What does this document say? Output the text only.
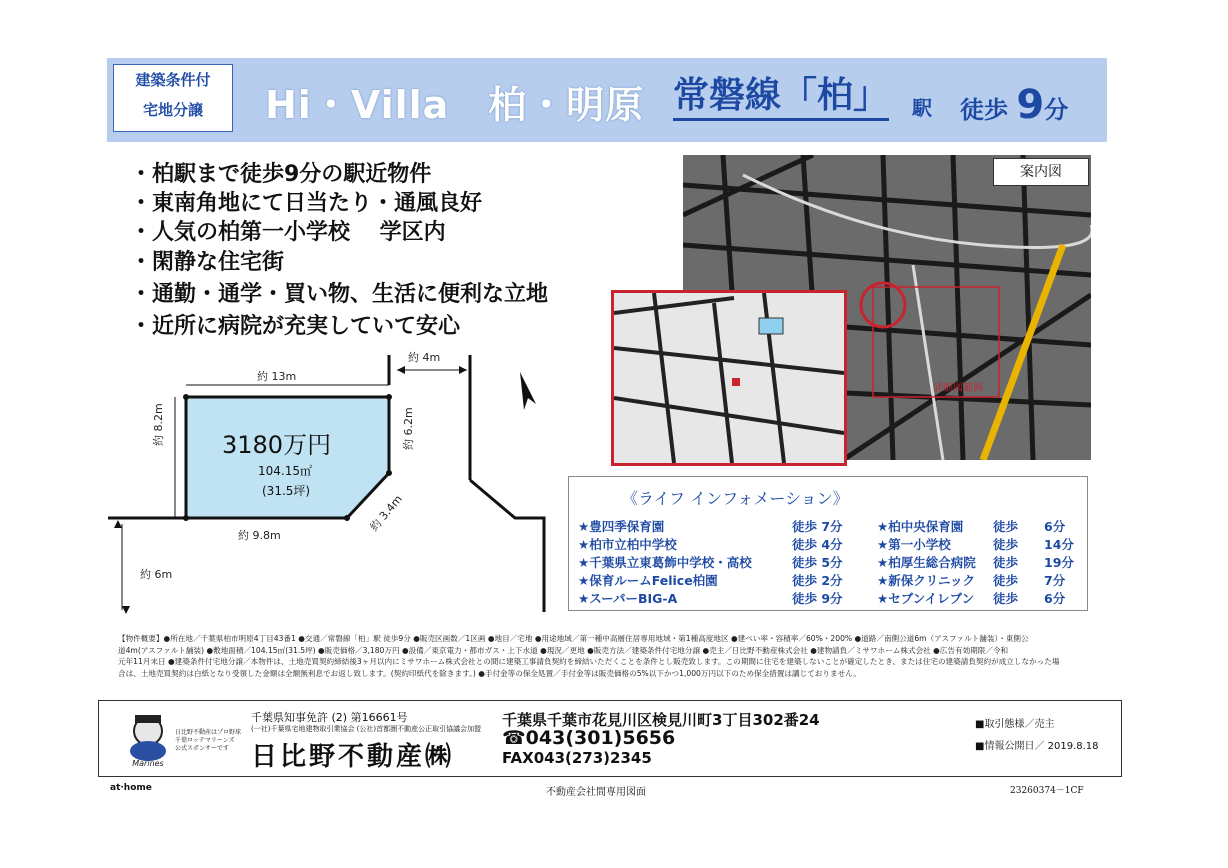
建築条件付
宅地分譲	Hi・Villa　柏・明原 常磐線「柏」 駅 徒歩 9分
・柏駅まで徒歩9分の駅近物件
・東南角地にて日当たり・通風良好
・人気の柏第一小学校　 学区内
・閑静な住宅街
・通勤・通学・買い物、生活に便利な立地
・近所に病院が充実していて安心
約 13m
約 4m
約 8.2m	約 6.2m
約 3.4m
約 9.8m
約 6m
3180万円
104.15㎡
(31.5坪)
詳細図範囲
案内図
《ライフ インフォメーション》
★豊四季保育園	徒歩 7分
★柏市立柏中学校	徒歩 4分
★千葉県立東葛飾中学校・高校	徒歩 5分
★保育ルームFelice柏園	徒歩 2分
★スーパーBIG-A	徒歩 9分
★柏中央保育園 徒歩 6分
★第一小学校	徒歩 14分
★柏厚生総合病院 徒歩 19分
★新保クリニック 徒歩 7分
★セブンイレブン 徒歩 6分
【物件概要】●所在地／千葉県柏市明原4丁目43番1 ●交通／常磐線「柏」駅 徒歩9分 ●販売区画数／1区画 ●地目／宅地 ●用途地域／第一種中高層住居専用地域・第1種高度地区 ●建ぺい率・容積率／60%・200% ●道路／南側公道6m（アスファルト舗装）・東側公
道4m(アスファルト舗装) ●敷地面積／104.15㎡(31.5坪) ●販売価格／3,180万円 ●設備／東京電力・都市ガス・上下水道 ●現況／更地 ●販売方法／建築条件付宅地分譲 ●売主／日比野不動産株式会社 ●建物請負／ミサワホーム株式会社 ●広告有効期限／令和
元年11月末日 ●建築条件付宅地分譲／本物件は、土地売買契約締結後3ヶ月以内にミサワホーム株式会社との間に建築工事請負契約を締結いただくことを条件とし販売致します。この期間に住宅を建築しないことが確定したとき、または住宅の建築請負契約が成立しなかった場
合は、土地売買契約は白紙となり受領した金額は全額無利息でお返し致します。(契約印紙代を除きます。) ●手付金等の保全処置／手付金等は販売価格の5%以下かつ1,000万円以下のため保全措置は講じておりません。
Marines
日比野不動産はプロ野球
千葉ロッテマリーンズ
公式スポンサーです
千葉県知事免許 (2) 第16661号
(一社)千葉県宅地建物取引業協会 (公社)首都圏不動産公正取引協議会加盟
日比野不動産㈱
千葉県千葉市花見川区検見川町3丁目302番24
☎043(301)5656
FAX043(273)2345
■取引態様／売主
■情報公開日／ 2019.8.18
at·home	不動産会社間専用図面	23260374－1CF
